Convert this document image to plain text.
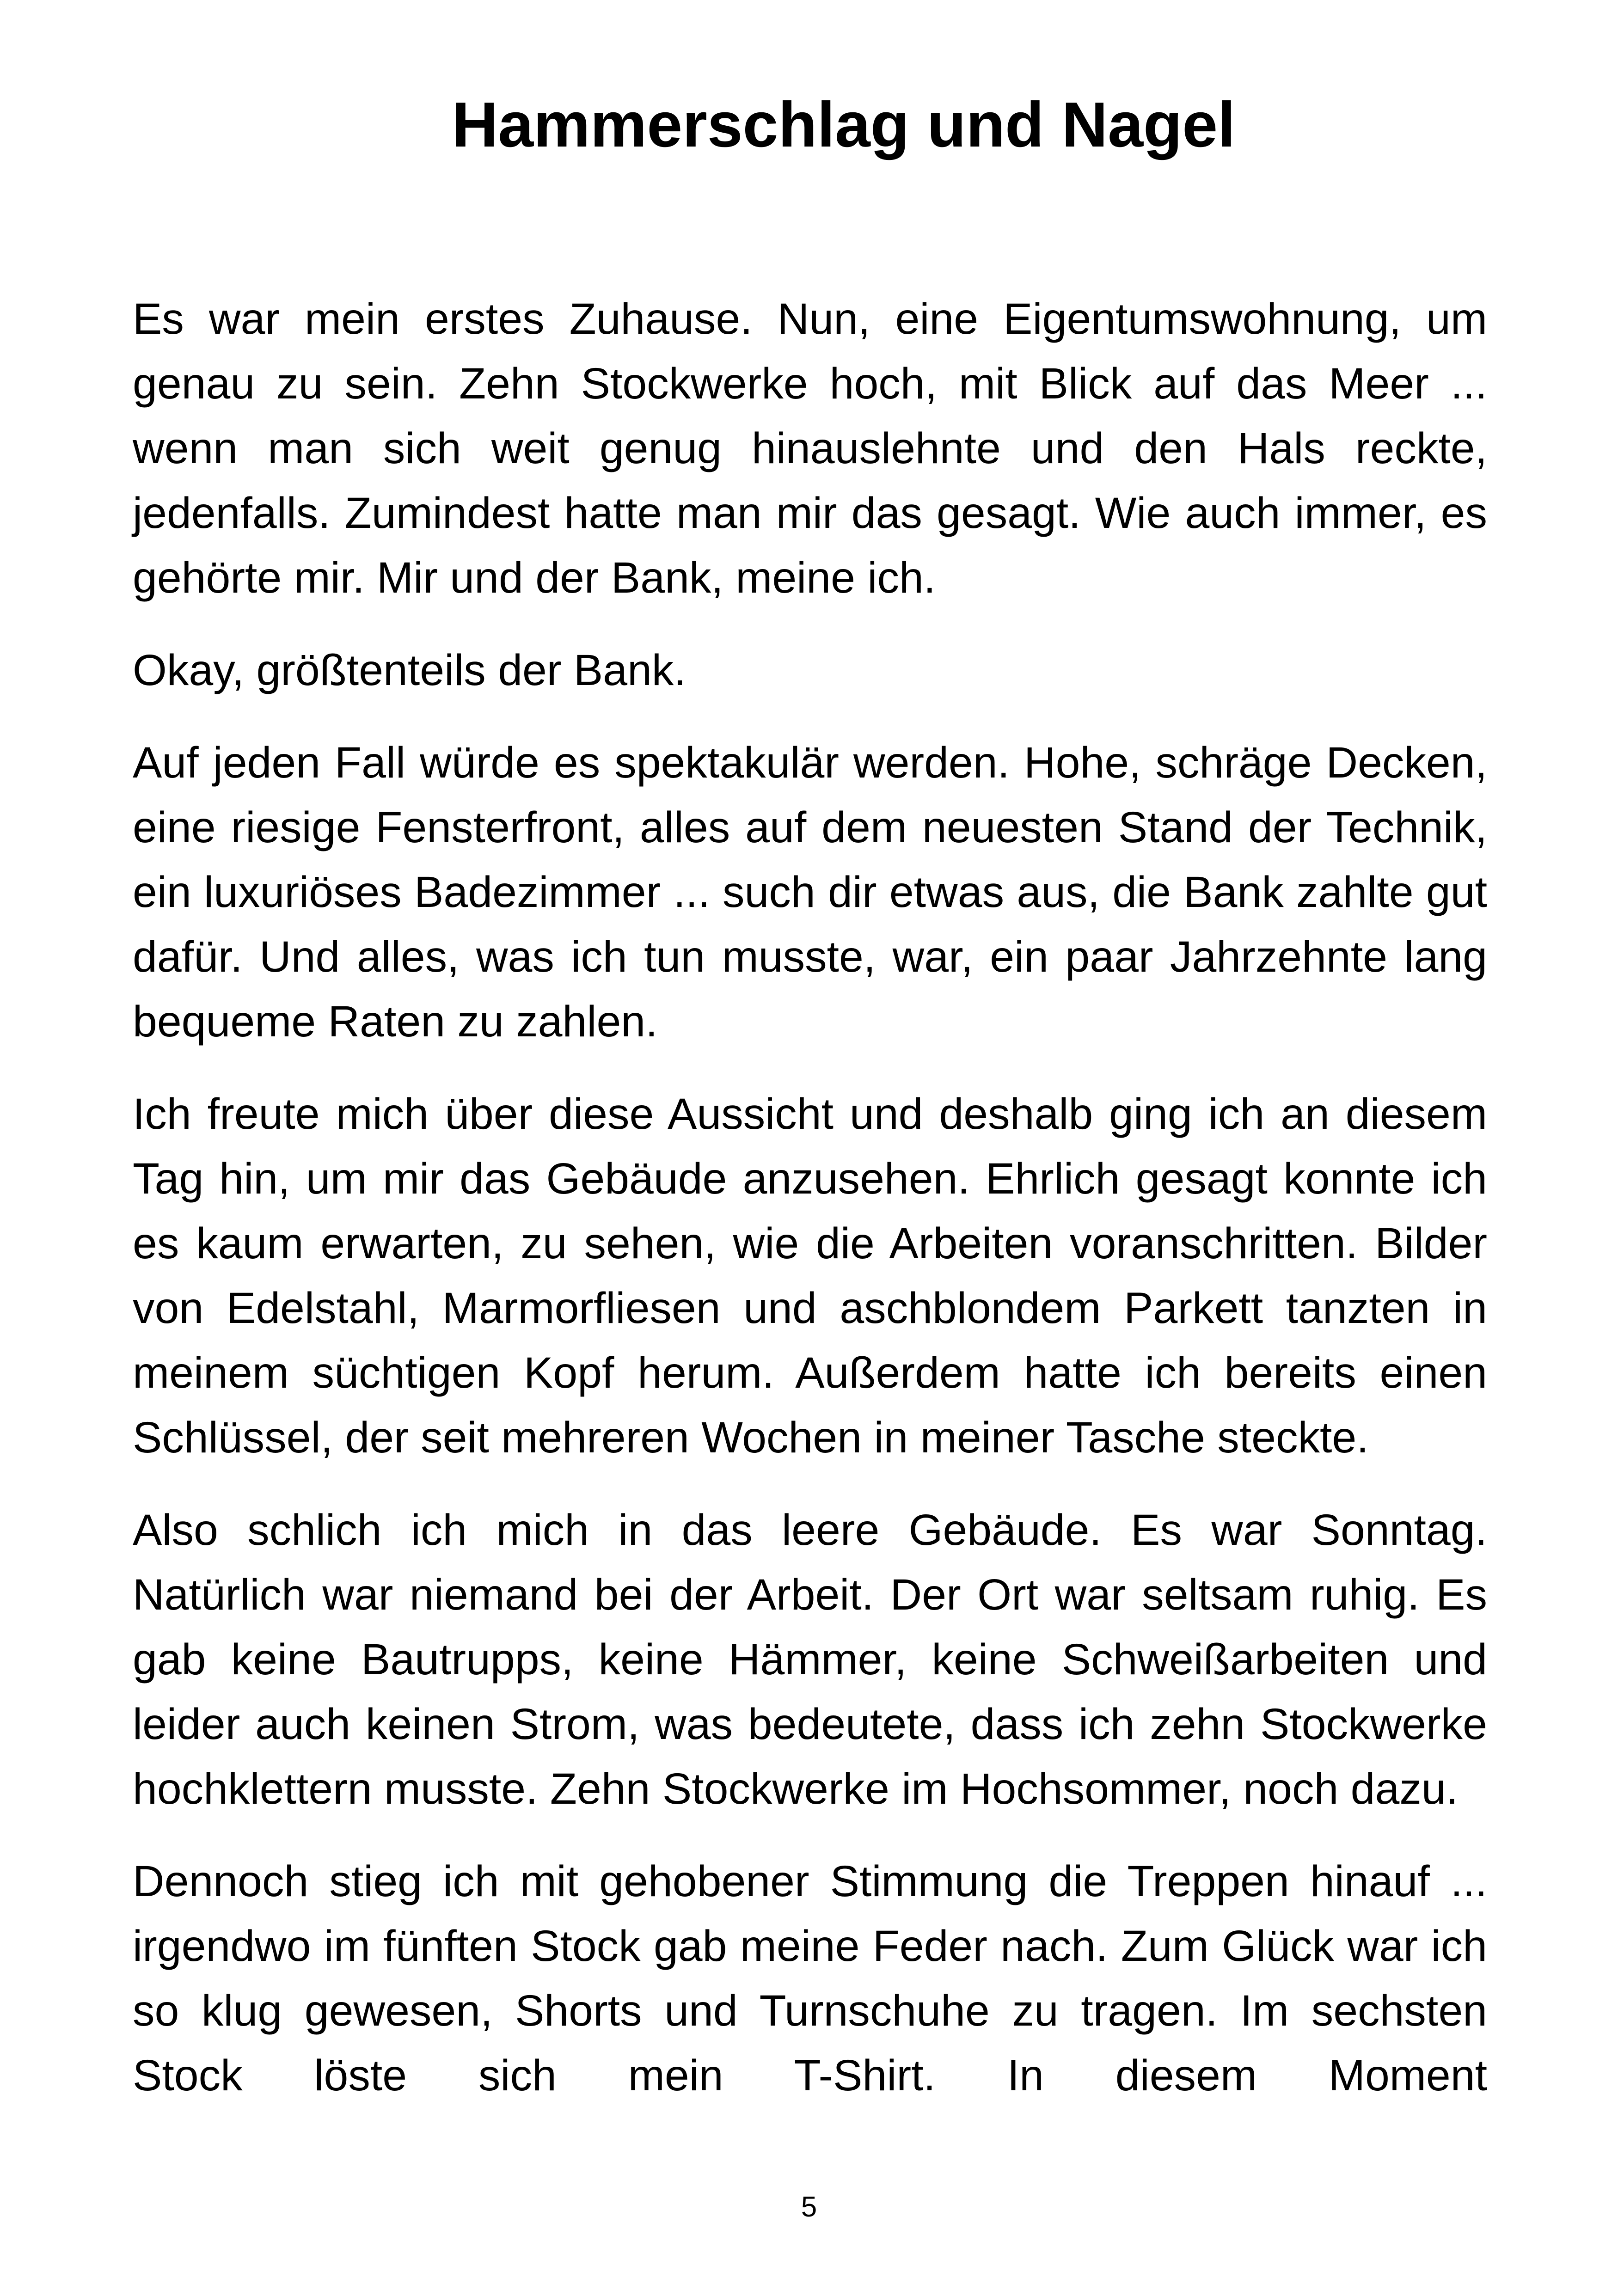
Hammerschlag und Nagel

Es war mein erstes Zuhause. Nun, eine Eigentumswohnung, um genau zu sein. Zehn Stockwerke hoch, mit Blick auf das Meer ... wenn man sich weit genug hinauslehnte und den Hals reckte, jedenfalls. Zumindest hatte man mir das gesagt. Wie auch immer, es gehörte mir. Mir und der Bank, meine ich.

Okay, größtenteils der Bank.

Auf jeden Fall würde es spektakulär werden. Hohe, schräge Decken, eine riesige Fensterfront, alles auf dem neuesten Stand der Technik, ein luxuriöses Badezimmer ... such dir etwas aus, die Bank zahlte gut dafür. Und alles, was ich tun musste, war, ein paar Jahrzehnte lang bequeme Raten zu zahlen.

Ich freute mich über diese Aussicht und deshalb ging ich an diesem Tag hin, um mir das Gebäude anzusehen. Ehrlich gesagt konnte ich es kaum erwarten, zu sehen, wie die Arbeiten voranschritten. Bilder von Edelstahl, Marmorfliesen und aschblondem Parkett tanzten in meinem süchtigen Kopf herum. Außerdem hatte ich bereits einen Schlüssel, der seit mehreren Wochen in meiner Tasche steckte.

Also schlich ich mich in das leere Gebäude. Es war Sonntag. Natürlich war niemand bei der Arbeit. Der Ort war seltsam ruhig. Es gab keine Bautrupps, keine Hämmer, keine Schweißarbeiten und leider auch keinen Strom, was bedeutete, dass ich zehn Stockwerke hochklettern musste. Zehn Stockwerke im Hochsommer, noch dazu.

Dennoch stieg ich mit gehobener Stimmung die Treppen hinauf ... irgendwo im fünften Stock gab meine Feder nach. Zum Glück war ich so klug gewesen, Shorts und Turnschuhe zu tragen. Im sechsten Stock löste sich mein T-Shirt. In diesem Moment

5
